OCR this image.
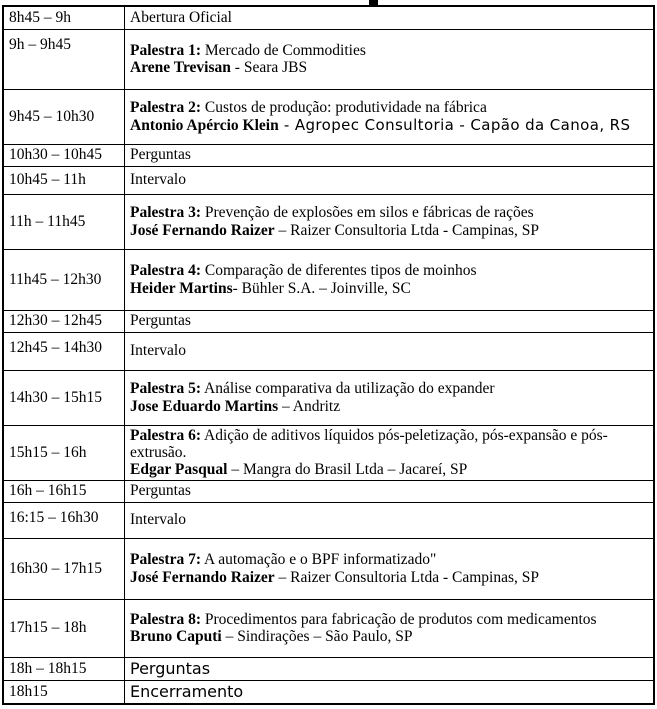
8h45 – 9h	Abertura Oficial
9h – 9h45	Palestra 1: Mercado de Commodities
Arene Trevisan - Seara JBS

9h45 – 10h30	Palestra 2: Custos de produção: produtividade na fábrica
Antonio Apércio Klein - Agropec Consultoria - Capão da Canoa, RS

10h30 – 10h45	Perguntas
10h45 – 11h	Intervalo
11h – 11h45	Palestra 3: Prevenção de explosões em silos e fábricas de rações
José Fernando Raizer – Raizer Consultoria Ltda - Campinas, SP

11h45 – 12h30	Palestra 4: Comparação de diferentes tipos de moinhos
Heider Martins- Bühler S.A. – Joinville, SC

12h30 – 12h45	Perguntas
12h45 – 14h30	Intervalo
14h30 – 15h15	Palestra 5: Análise comparativa da utilização do expander
Jose Eduardo Martins – Andritz

15h15 – 16h	Palestra 6: Adição de aditivos líquidos pós-peletização, pós-expansão e pós-extrusão.
Edgar Pasqual – Mangra do Brasil Ltda – Jacareí, SP

16h – 16h15	Perguntas
16:15 – 16h30	Intervalo
16h30 – 17h15	Palestra 7: A automação e o BPF informatizado"
José Fernando Raizer – Raizer Consultoria Ltda - Campinas, SP

17h15 – 18h	Palestra 8: Procedimentos para fabricação de produtos com medicamentos
Bruno Caputi – Sindirações – São Paulo, SP

18h – 18h15	Perguntas
18h15	Encerramento
